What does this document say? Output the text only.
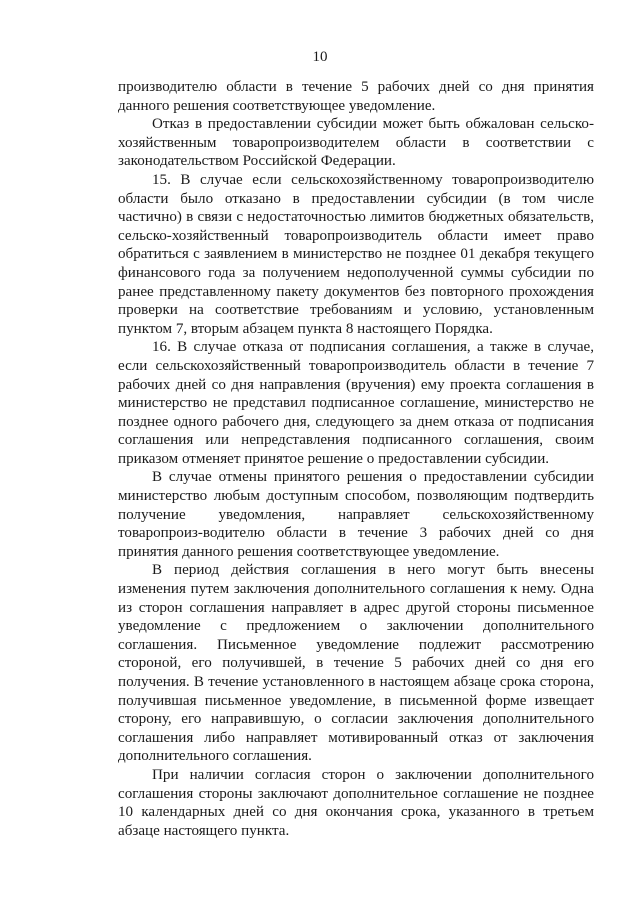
10

производителю области в течение 5 рабочих дней со дня принятия данного решения соответствующее уведомление.

Отказ в предоставлении субсидии может быть обжалован сельско-хозяйственным товаропроизводителем области в соответствии с законодательством Российской Федерации.

15. В случае если сельскохозяйственному товаропроизводителю области было отказано в предоставлении субсидии (в том числе частично) в связи с недостаточностью лимитов бюджетных обязательств, сельско-хозяйственный товаропроизводитель области имеет право обратиться с заявлением в министерство не позднее 01 декабря текущего финансового года за получением недополученной суммы субсидии по ранее представленному пакету документов без повторного прохождения проверки на соответствие требованиям и условию, установленным пунктом 7, вторым абзацем пункта 8 настоящего Порядка.

16. В случае отказа от подписания соглашения, а также в случае, если сельскохозяйственный товаропроизводитель области в течение 7 рабочих дней со дня направления (вручения) ему проекта соглашения в министерство не представил подписанное соглашение, министерство не позднее одного рабочего дня, следующего за днем отказа от подписания соглашения или непредставления подписанного соглашения, своим приказом отменяет принятое решение о предоставлении субсидии.

В случае отмены принятого решения о предоставлении субсидии министерство любым доступным способом, позволяющим подтвердить получение уведомления, направляет сельскохозяйственному товаропроиз-водителю области в течение 3 рабочих дней со дня принятия данного решения соответствующее уведомление.

В период действия соглашения в него могут быть внесены изменения путем заключения дополнительного соглашения к нему. Одна из сторон соглашения направляет в адрес другой стороны письменное уведомление с предложением о заключении дополнительного соглашения. Письменное уведомление подлежит рассмотрению стороной, его получившей, в течение 5 рабочих дней со дня его получения. В течение установленного в настоящем абзаце срока сторона, получившая письменное уведомление, в письменной форме извещает сторону, его направившую, о согласии заключения дополнительного соглашения либо направляет мотивированный отказ от заключения дополнительного соглашения.

При наличии согласия сторон о заключении дополнительного соглашения стороны заключают дополнительное соглашение не позднее 10 календарных дней со дня окончания срока, указанного в третьем абзаце настоящего пункта.
